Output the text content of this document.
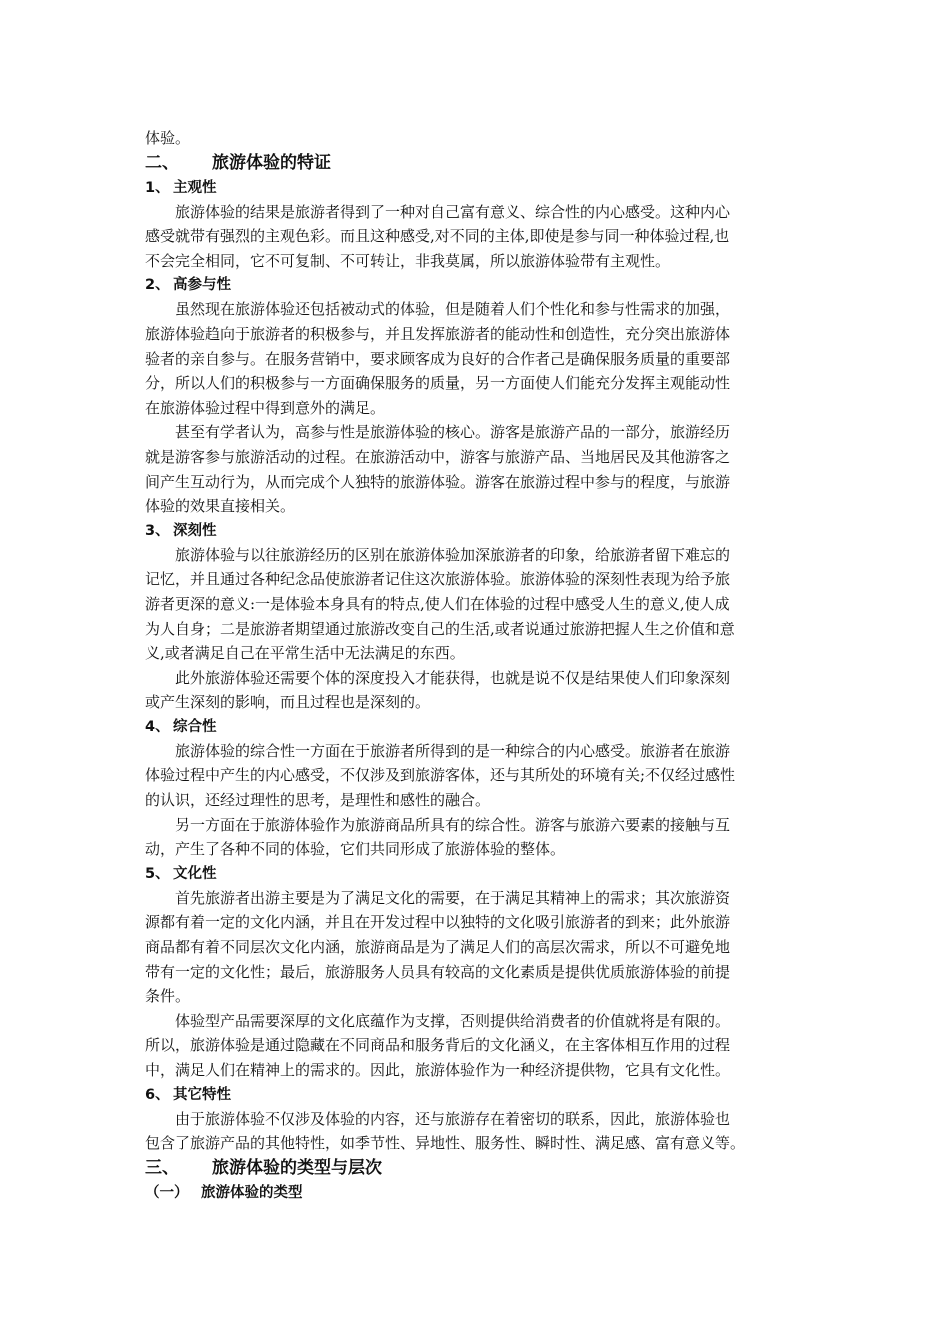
体验。
二、 旅游体验的特证
1、 主观性
旅游体验的结果是旅游者得到了一种对自己富有意义、综合性的内心感受。这种内心
感受就带有强烈的主观色彩。而且这种感受,对不同的主体,即使是参与同一种体验过程,也
不会完全相同，它不可复制、不可转让，非我莫属，所以旅游体验带有主观性。
2、 高参与性
虽然现在旅游体验还包括被动式的体验，但是随着人们个性化和参与性需求的加强，
旅游体验趋向于旅游者的积极参与，并且发挥旅游者的能动性和创造性，充分突出旅游体
验者的亲自参与。在服务营销中，要求顾客成为良好的合作者己是确保服务质量的重要部
分，所以人们的积极参与一方面确保服务的质量，另一方面使人们能充分发挥主观能动性
在旅游体验过程中得到意外的满足。
甚至有学者认为，高参与性是旅游体验的核心。游客是旅游产品的一部分，旅游经历
就是游客参与旅游活动的过程。在旅游活动中，游客与旅游产品、当地居民及其他游客之
间产生互动行为，从而完成个人独特的旅游体验。游客在旅游过程中参与的程度，与旅游
体验的效果直接相关。
3、 深刻性
旅游体验与以往旅游经历的区别在旅游体验加深旅游者的印象，给旅游者留下难忘的
记忆，并且通过各种纪念品使旅游者记住这次旅游体验。旅游体验的深刻性表现为给予旅
游者更深的意义:一是体验本身具有的特点,使人们在体验的过程中感受人生的意义,使人成
为人自身；二是旅游者期望通过旅游改变自己的生活,或者说通过旅游把握人生之价值和意
义,或者满足自己在平常生活中无法满足的东西。
此外旅游体验还需要个体的深度投入才能获得，也就是说不仅是结果使人们印象深刻
或产生深刻的影响，而且过程也是深刻的。
4、 综合性
旅游体验的综合性一方面在于旅游者所得到的是一种综合的内心感受。旅游者在旅游
体验过程中产生的内心感受，不仅涉及到旅游客体，还与其所处的环境有关;不仅经过感性
的认识，还经过理性的思考，是理性和感性的融合。
另一方面在于旅游体验作为旅游商品所具有的综合性。游客与旅游六要素的接触与互
动，产生了各种不同的体验，它们共同形成了旅游体验的整体。
5、 文化性
首先旅游者出游主要是为了满足文化的需要，在于满足其精神上的需求；其次旅游资
源都有着一定的文化内涵，并且在开发过程中以独特的文化吸引旅游者的到来；此外旅游
商品都有着不同层次文化内涵，旅游商品是为了满足人们的高层次需求，所以不可避免地
带有一定的文化性；最后，旅游服务人员具有较高的文化素质是提供优质旅游体验的前提
条件。
体验型产品需要深厚的文化底蕴作为支撑，否则提供给消费者的价值就将是有限的。
所以，旅游体验是通过隐藏在不同商品和服务背后的文化涵义，在主客体相互作用的过程
中，满足人们在精神上的需求的。因此，旅游体验作为一种经济提供物，它具有文化性。
6、 其它特性
由于旅游体验不仅涉及体验的内容，还与旅游存在着密切的联系，因此，旅游体验也
包含了旅游产品的其他特性，如季节性、异地性、服务性、瞬时性、满足感、富有意义等。
三、 旅游体验的类型与层次
（一） 旅游体验的类型
